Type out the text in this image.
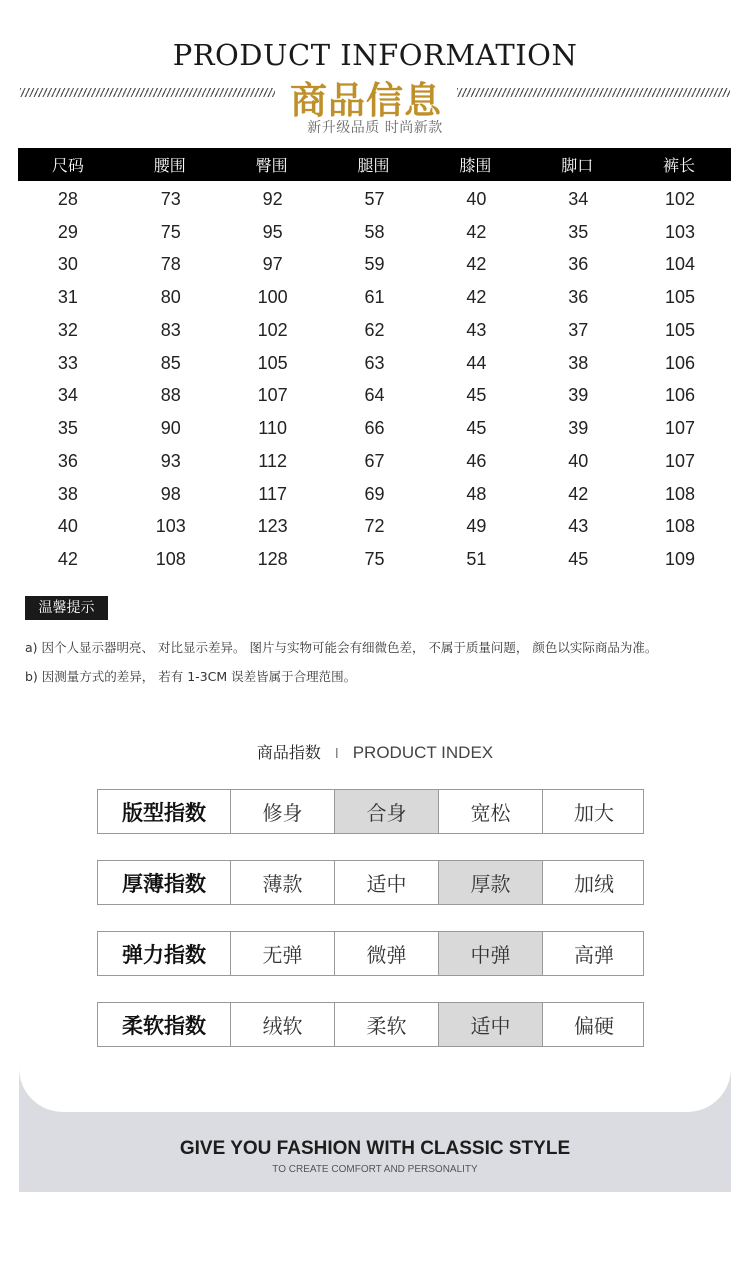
PRODUCT INFORMATION
商品信息
新升级品质 时尚新款
尺码	腰围	臀围	腿围	膝围	脚口	裤长
28	73	92	57	40	34	102
29	75	95	58	42	35	103
30	78	97	59	42	36	104
31	80	100	61	42	36	105
32	83	102	62	43	37	105
33	85	105	63	44	38	106
34	88	107	64	45	39	106
35	90	110	66	45	39	107
36	93	112	67	46	40	107
38	98	117	69	48	42	108
40	103	123	72	49	43	108
42	108	128	75	51	45	109
温馨提示
a) 因个人显示器明亮、 对比显示差异。 图片与实物可能会有细微色差， 不属于质量问题， 颜色以实际商品为准。
b) 因测量方式的差异， 若有 1-3CM 误差皆属于合理范围。
商品指数 I PRODUCT INDEX
版型指数	修身	合身	宽松	加大
厚薄指数	薄款	适中	厚款	加绒
弹力指数	无弹	微弹	中弹	高弹
柔软指数	绒软	柔软	适中	偏硬
GIVE YOU FASHION WITH CLASSIC STYLE
TO CREATE COMFORT AND PERSONALITY
